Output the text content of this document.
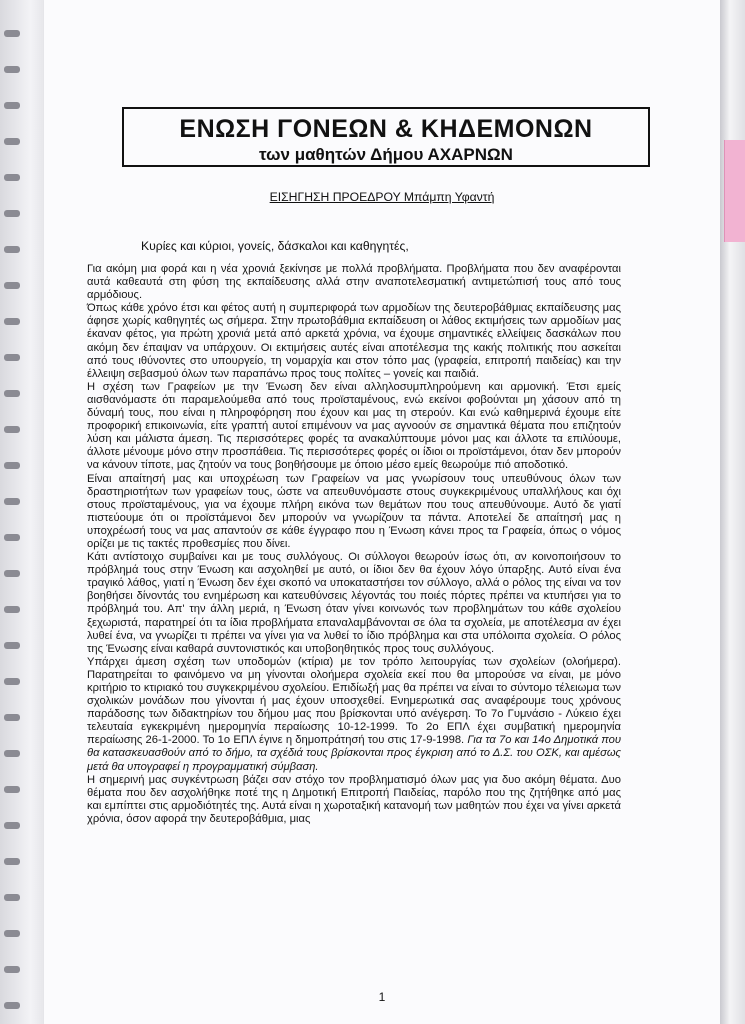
ΕΝΩΣΗ ΓΟΝΕΩΝ & ΚΗΔΕΜΟΝΩΝ
των μαθητών Δήμου ΑΧΑΡΝΩΝ
ΕΙΣΗΓΗΣΗ ΠΡΟΕΔΡΟΥ Μπάμπη Υφαντή
Κυρίες και κύριοι, γονείς, δάσκαλοι και καθηγητές,

Για ακόμη μια φορά και η νέα χρονιά ξεκίνησε με πολλά προβλήματα. Προβλήματα που δεν αναφέρονται αυτά καθεαυτά στη φύση της εκπαίδευσης αλλά στην αναποτελεσματική αντιμετώπισή τους από τους αρμόδιους.

Όπως κάθε χρόνο έτσι και φέτος αυτή η συμπεριφορά των αρμοδίων της δευτεροβάθμιας εκπαίδευσης μας άφησε χωρίς καθηγητές ως σήμερα. Στην πρωτοβάθμια εκπαίδευση οι λάθος εκτιμήσεις των αρμοδίων μας έκαναν φέτος, για πρώτη χρονιά μετά από αρκετά χρόνια, να έχουμε σημαντικές ελλείψεις δασκάλων που ακόμη δεν έπαψαν να υπάρχουν. Οι εκτιμήσεις αυτές είναι αποτέλεσμα της κακής πολιτικής που ασκείται από τους ιθύνοντες στο υπουργείο, τη νομαρχία και στον τόπο μας (γραφεία, επιτροπή παιδείας) και την έλλειψη σεβασμού όλων των παραπάνω προς τους πολίτες – γονείς και παιδιά.

Η σχέση των Γραφείων με την Ένωση δεν είναι αλληλοσυμπληρούμενη και αρμονική. Έτσι εμείς αισθανόμαστε ότι παραμελούμεθα από τους προϊσταμένους, ενώ εκείνοι φοβούνται μη χάσουν από τη δύναμή τους, που είναι η πληροφόρηση που έχουν και μας τη στερούν. Και ενώ καθημερινά έχουμε είτε προφορική επικοινωνία, είτε γραπτή αυτοί επιμένουν να μας αγνοούν σε σημαντικά θέματα που επιζητούν λύση και μάλιστα άμεση. Τις περισσότερες φορές τα ανακαλύπτουμε μόνοι μας και άλλοτε τα επιλύουμε, άλλοτε μένουμε μόνο στην προσπάθεια. Τις περισσότερες φορές οι ίδιοι οι προϊστάμενοι, όταν δεν μπορούν να κάνουν τίποτε, μας ζητούν να τους βοηθήσουμε με όποιο μέσο εμείς θεωρούμε πιό αποδοτικό.

Είναι απαίτησή μας και υποχρέωση των Γραφείων να μας γνωρίσουν τους υπευθύνους όλων των δραστηριοτήτων των γραφείων τους, ώστε να απευθυνόμαστε στους συγκεκριμένους υπαλλήλους και όχι στους προϊσταμένους, για να έχουμε πλήρη εικόνα των θεμάτων που τους απευθύνουμε. Αυτό δε γιατί πιστεύουμε ότι οι προϊστάμενοι δεν μπορούν να γνωρίζουν τα πάντα. Αποτελεί δε απαίτησή μας η υποχρέωσή τους να μας απαντούν σε κάθε έγγραφο που η Ένωση κάνει προς τα Γραφεία, όπως ο νόμος ορίζει με τις τακτές προθεσμίες που δίνει.

Κάτι αντίστοιχο συμβαίνει και με τους συλλόγους. Οι σύλλογοι θεωρούν ίσως ότι, αν κοινοποιήσουν το πρόβλημά τους στην Ένωση και ασχοληθεί με αυτό, οι ίδιοι δεν θα έχουν λόγο ύπαρξης. Αυτό είναι ένα τραγικό λάθος, γιατί η Ένωση δεν έχει σκοπό να υποκαταστήσει τον σύλλογο, αλλά ο ρόλος της είναι να τον βοηθήσει δίνοντάς του ενημέρωση και κατευθύνσεις λέγοντάς του ποιές πόρτες πρέπει να κτυπήσει για το πρόβλημά του. Απ' την άλλη μεριά, η Ένωση όταν γίνει κοινωνός των προβλημάτων του κάθε σχολείου ξεχωριστά, παρατηρεί ότι τα ίδια προβλήματα επαναλαμβάνονται σε όλα τα σχολεία, με αποτέλεσμα αν έχει λυθεί ένα, να γνωρίζει τι πρέπει να γίνει για να λυθεί το ίδιο πρόβλημα και στα υπόλοιπα σχολεία. Ο ρόλος της Ένωσης είναι καθαρά συντονιστικός και υποβοηθητικός προς τους συλλόγους.

Υπάρχει άμεση σχέση των υποδομών (κτίρια) με τον τρόπο λειτουργίας των σχολείων (ολοήμερα). Παρατηρείται το φαινόμενο να μη γίνονται ολοήμερα σχολεία εκεί που θα μπορούσε να είναι, με μόνο κριτήριο το κτιριακό του συγκεκριμένου σχολείου. Επιδίωξή μας θα πρέπει να είναι το σύντομο τέλειωμα των σχολικών μονάδων που γίνονται ή μας έχουν υποσχεθεί. Ενημερωτικά σας αναφέρουμε τους χρόνους παράδοσης των διδακτηρίων του δήμου μας που βρίσκονται υπό ανέγερση. Το 7ο Γυμνάσιο - Λύκειο έχει τελευταία εγκεκριμένη ημερομηνία περαίωσης 10-12-1999. Το 2ο ΕΠΛ έχει συμβατική ημερομηνία περαίωσης 26-1-2000. Το 1ο ΕΠΛ έγινε η δημοπράτησή του στις 17-9-1998. Για τα 7ο και 14ο Δημοτικά που θα κατασκευασθούν από το δήμο, τα σχέδιά τους βρίσκονται προς έγκριση από το Δ.Σ. του ΟΣΚ, και αμέσως μετά θα υπογραφεί η προγραμματική σύμβαση.

Η σημερινή μας συγκέντρωση βάζει σαν στόχο τον προβληματισμό όλων μας για δυο ακόμη θέματα. Δυο θέματα που δεν ασχολήθηκε ποτέ της η Δημοτική Επιτροπή Παιδείας, παρόλο που της ζητήθηκε από μας και εμπίπτει στις αρμοδιότητές της. Αυτά είναι η χωροταξική κατανομή των μαθητών που έχει να γίνει αρκετά χρόνια, όσον αφορά την δευτεροβάθμια, μιας

1
